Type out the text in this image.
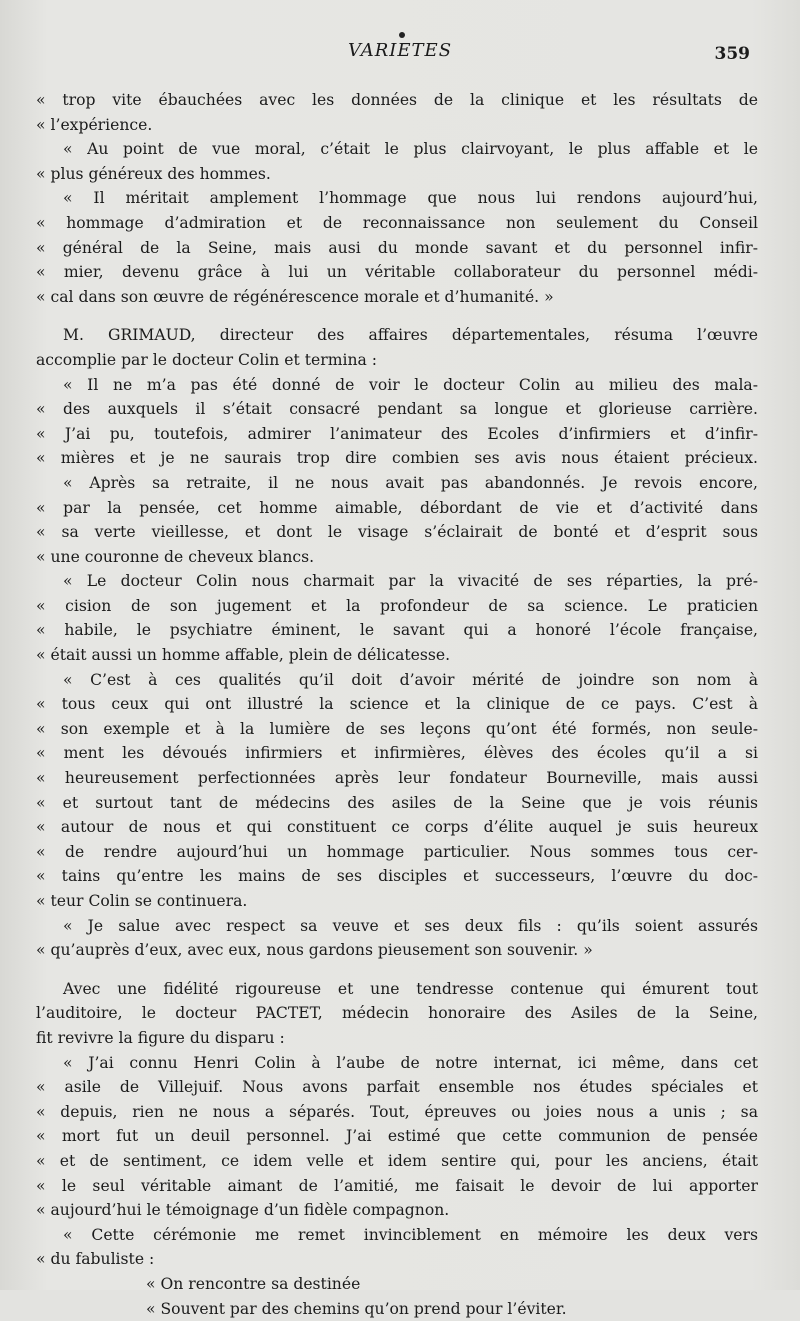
VARIETES	359
« trop vite ébauchées avec les données de la clinique et les résultats de
« l’expérience.
« Au point de vue moral, c’était le plus clairvoyant, le plus affable et le
« plus généreux des hommes.
« Il méritait amplement l’hommage que nous lui rendons aujourd’hui,
« hommage d’admiration et de reconnaissance non seulement du Conseil
« général de la Seine, mais ausi du monde savant et du personnel infir-
« mier, devenu grâce à lui un véritable collaborateur du personnel médi-
« cal dans son œuvre de régénérescence morale et d’humanité. »
M. GRIMAUD, directeur des affaires départementales, résuma l’œuvre
accomplie par le docteur Colin et termina :
« Il ne m’a pas été donné de voir le docteur Colin au milieu des mala-
« des auxquels il s’était consacré pendant sa longue et glorieuse carrière.
« J’ai pu, toutefois, admirer l’animateur des Ecoles d’infirmiers et d’infir-
« mières et je ne saurais trop dire combien ses avis nous étaient précieux.
« Après sa retraite, il ne nous avait pas abandonnés. Je revois encore,
« par la pensée, cet homme aimable, débordant de vie et d’activité dans
« sa verte vieillesse, et dont le visage s’éclairait de bonté et d’esprit sous
« une couronne de cheveux blancs.
« Le docteur Colin nous charmait par la vivacité de ses réparties, la pré-
« cision de son jugement et la profondeur de sa science. Le praticien
« habile, le psychiatre éminent, le savant qui a honoré l’école française,
« était aussi un homme affable, plein de délicatesse.
« C’est à ces qualités qu’il doit d’avoir mérité de joindre son nom à
« tous ceux qui ont illustré la science et la clinique de ce pays. C’est à
« son exemple et à la lumière de ses leçons qu’ont été formés, non seule-
« ment les dévoués infirmiers et infirmières, élèves des écoles qu’il a si
« heureusement perfectionnées après leur fondateur Bourneville, mais aussi
« et surtout tant de médecins des asiles de la Seine que je vois réunis
« autour de nous et qui constituent ce corps d’élite auquel je suis heureux
« de rendre aujourd’hui un hommage particulier. Nous sommes tous cer-
« tains qu’entre les mains de ses disciples et successeurs, l’œuvre du doc-
« teur Colin se continuera.
« Je salue avec respect sa veuve et ses deux fils : qu’ils soient assurés
« qu’auprès d’eux, avec eux, nous gardons pieusement son souvenir. »
Avec une fidélité rigoureuse et une tendresse contenue qui émurent tout
l’auditoire, le docteur PACTET, médecin honoraire des Asiles de la Seine,
fit revivre la figure du disparu :
« J’ai connu Henri Colin à l’aube de notre internat, ici même, dans cet
« asile de Villejuif. Nous avons parfait ensemble nos études spéciales et
« depuis, rien ne nous a séparés. Tout, épreuves ou joies nous a unis ; sa
« mort fut un deuil personnel. J’ai estimé que cette communion de pensée
« et de sentiment, ce idem velle et idem sentire qui, pour les anciens, était
« le seul véritable aimant de l’amitié, me faisait le devoir de lui apporter
« aujourd’hui le témoignage d’un fidèle compagnon.
« Cette cérémonie me remet invinciblement en mémoire les deux vers
« du fabuliste :
« On rencontre sa destinée
« Souvent par des chemins qu’on prend pour l’éviter.
